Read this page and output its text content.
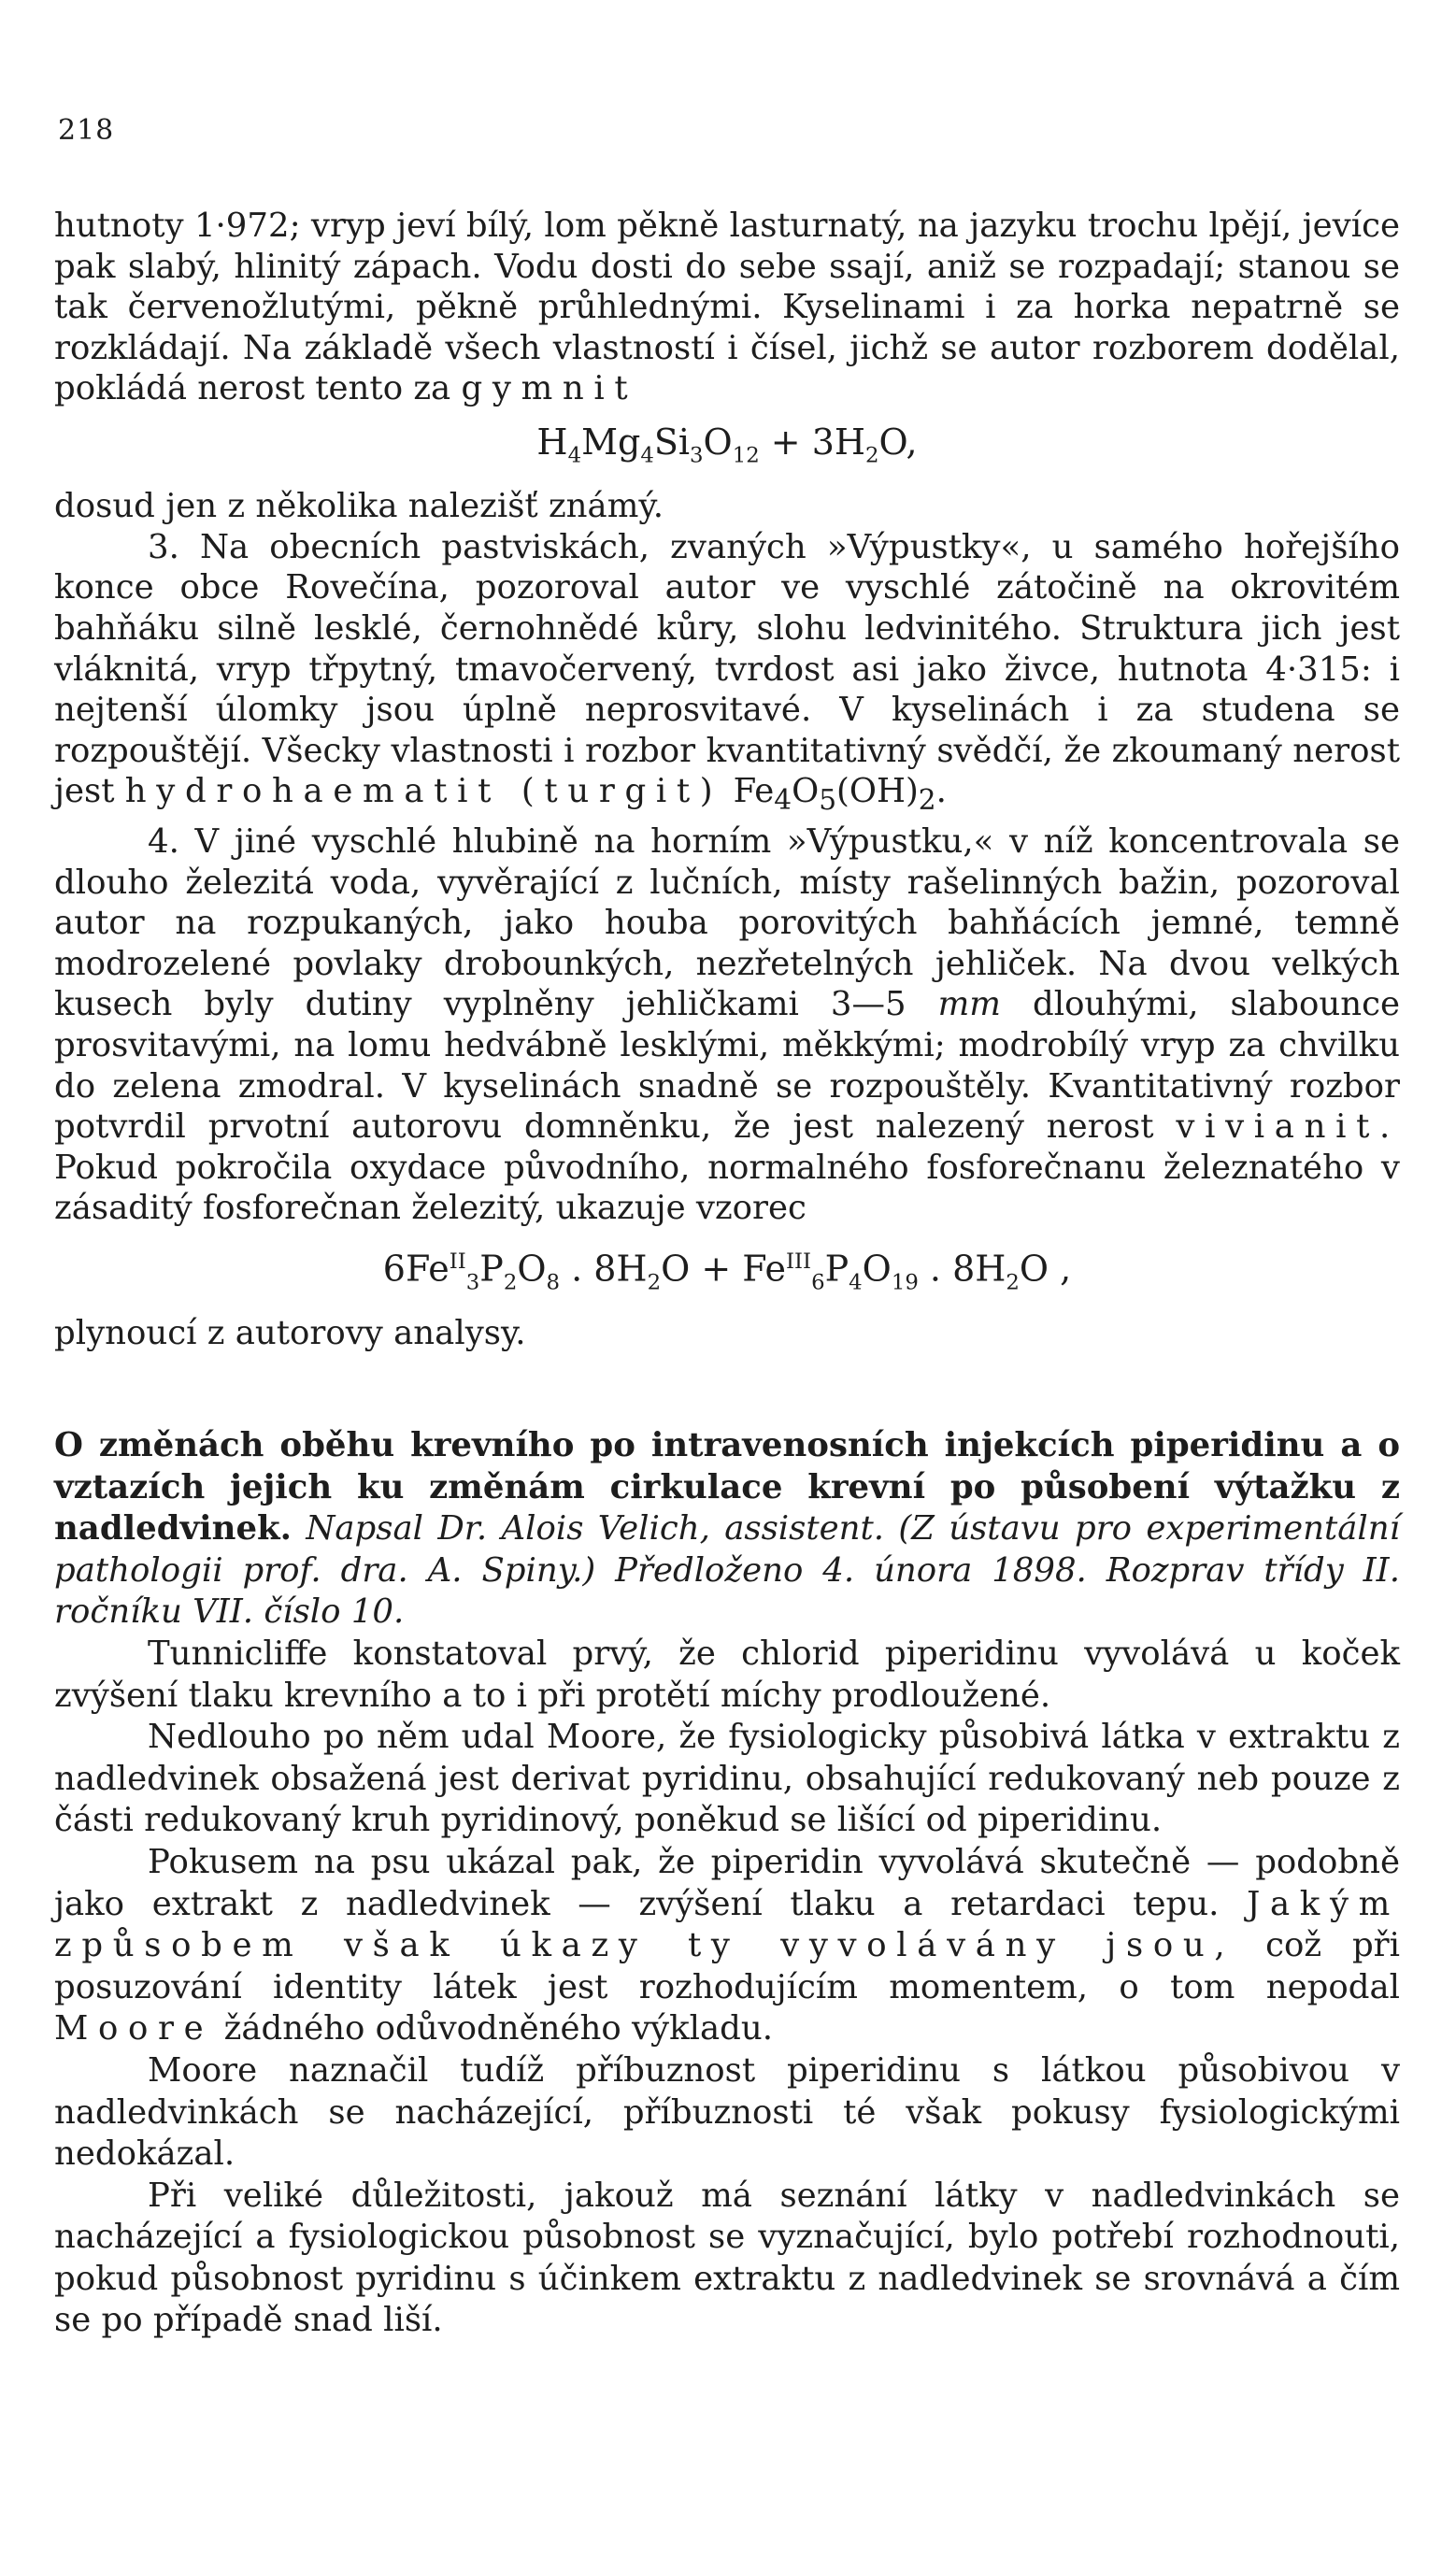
218

hutnoty 1·972; vryp jeví bílý, lom pěkně lasturnatý, na jazyku trochu lpějí, jevíce pak slabý, hlinitý zápach. Vodu dosti do sebe ssají, aniž se rozpadají; stanou se tak červenožlutými, pěkně průhlednými. Kyselinami i za horka nepatrně se rozkládají. Na základě všech vlastností i čísel, jichž se autor rozborem dodělal, pokládá nerost tento za gymnit

$H_4Mg_4Si_3O_{12} + 3H_2O$,

dosud jen z několika nalezišť známý.

3. Na obecních pastviskách, zvaných »Výpustky«, u samého hořejšího konce obce Rovečína, pozoroval autor ve vyschlé zátočině na okrovitém bahňáku silně lesklé, černohnědé kůry, slohu ledvinitého. Struktura jich jest vláknitá, vryp třpytný, tmavočervený, tvrdost asi jako živce, hutnota 4·315: i nejtenší úlomky jsou úplně neprosvitavé. V kyselinách i za studena se rozpouštějí. Všecky vlastnosti i rozbor kvantitativný svědčí, že zkoumaný nerost jest hydrohaematit (turgit) $Fe_4O_5(OH)_2$.

4. V jiné vyschlé hlubině na horním »Výpustku,« v níž koncentrovala se dlouho železitá voda, vyvěrající z lučních, místy rašelinných bažin, pozoroval autor na rozpukaných, jako houba porovitých bahňácích jemné, temně modrozelené povlaky drobounkých, nezřetelných jehliček. Na dvou velkých kusech byly dutiny vyplněny jehličkami 3—5 mm dlouhými, slabounce prosvitavými, na lomu hedvábně lesklými, měkkými; modrobílý vryp za chvilku do zelena zmodral. V kyselinách snadně se rozpouštěly. Kvantitativný rozbor potvrdil prvotní autorovu domněnku, že jest nalezený nerost vivianit. Pokud pokročila oxydace původního, normalného fosforečnanu železnatého v zásaditý fosforečnan železitý, ukazuje vzorec

$6Fe^{II}_3P_2O_8$ . $8H_2O + Fe^{III}_6P_4O_{19}$ . $8H_2O$ ,

plynoucí z autorovy analysy.

O změnách oběhu krevního po intravenosních injekcích piperidinu a o vztazích jejich ku změnám cirkulace krevní po působení výtažku z nadledvinek. Napsal Dr. Alois Velich, assistent. (Z ústavu pro experimentální pathologii prof. dra. A. Spiny.) Předloženo 4. února 1898. Rozprav třídy II. ročníku VII. číslo 10.

Tunnicliffe konstatoval prvý, že chlorid piperidinu vyvolává u koček zvýšení tlaku krevního a to i při protětí míchy prodloužené.

Nedlouho po něm udal Moore, že fysiologicky působivá látka v extraktu z nadledvinek obsažená jest derivat pyridinu, obsahující redukovaný neb pouze z části redukovaný kruh pyridinový, poněkud se lišící od piperidinu.

Pokusem na psu ukázal pak, že piperidin vyvolává skutečně — podobně jako extrakt z nadledvinek — zvýšení tlaku a retardaci tepu. Jakým způsobem však úkazy ty vyvolávány jsou, což při posuzování identity látek jest rozhodujícím momentem, o tom nepodal Moore žádného odůvodněného výkladu.

Moore naznačil tudíž příbuznost piperidinu s látkou působivou v nadledvinkách se nacházející, příbuznosti té však pokusy fysiologickými nedokázal.

Při veliké důležitosti, jakouž má seznání látky v nadledvinkách se nacházející a fysiologickou působnost se vyznačující, bylo potřebí rozhodnouti, pokud působnost pyridinu s účinkem extraktu z nadledvinek se srovnává a čím se po případě snad liší.
